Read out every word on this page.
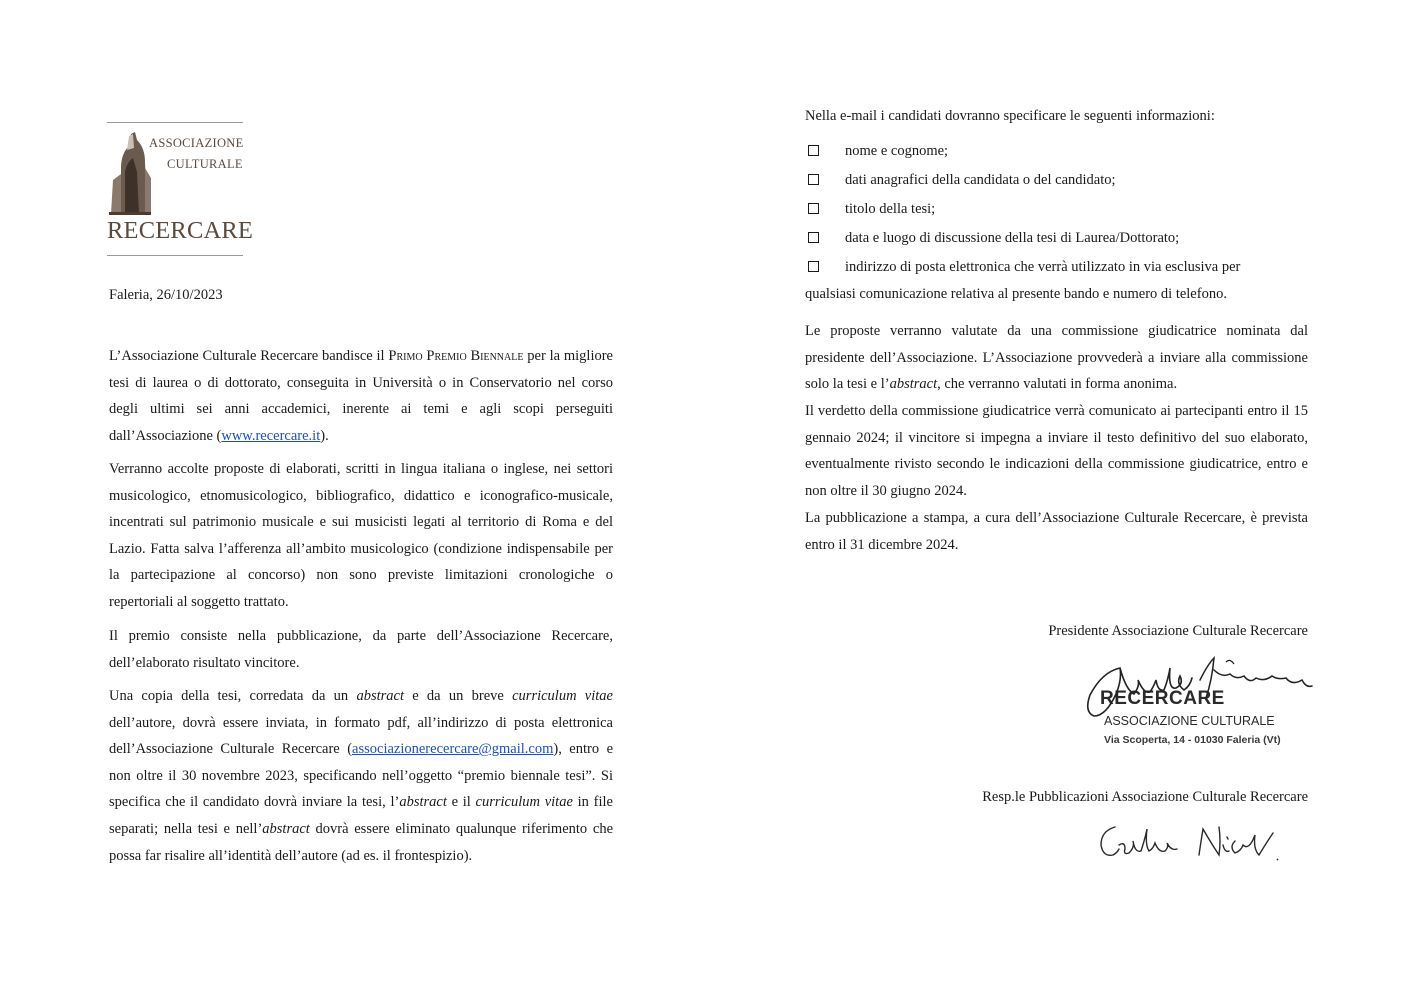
ASSOCIAZIONE
CULTURALE
RECERCARE
Faleria, 26/10/2023
L’Associazione Culturale Recercare bandisce il Primo Premio Biennale per la migliore tesi di laurea o di dottorato, conseguita in Università o in Conservatorio nel corso degli ultimi sei anni accademici, inerente ai temi e agli scopi perseguiti dall’Associazione (www.recercare.it).
Verranno accolte proposte di elaborati, scritti in lingua italiana o inglese, nei settori musicologico, etnomusicologico, bibliografico, didattico e iconografico-musicale, incentrati sul patrimonio musicale e sui musicisti legati al territorio di Roma e del Lazio. Fatta salva l’afferenza all’ambito musicologico (condizione indispensabile per la partecipazione al concorso) non sono previste limitazioni cronologiche o repertoriali al soggetto trattato.
Il premio consiste nella pubblicazione, da parte dell’Associazione Recercare, dell’elaborato risultato vincitore.
Una copia della tesi, corredata da un abstract e da un breve curriculum vitae dell’autore, dovrà essere inviata, in formato pdf, all’indirizzo di posta elettronica dell’Associazione Culturale Recercare (associazionerecercare@gmail.com), entro e non oltre il 30 novembre 2023, specificando nell’oggetto “premio biennale tesi”. Si specifica che il candidato dovrà inviare la tesi, l’abstract e il curriculum vitae in file separati; nella tesi e nell’abstract dovrà essere eliminato qualunque riferimento che possa far risalire all’identità dell’autore (ad es. il frontespizio).
Nella e-mail i candidati dovranno specificare le seguenti informazioni:
nome e cognome;
dati anagrafici della candidata o del candidato;
titolo della tesi;
data e luogo di discussione della tesi di Laurea/Dottorato;
indirizzo di posta elettronica che verrà utilizzato in via esclusiva per
qualsiasi comunicazione relativa al presente bando e numero di telefono.
Le proposte verranno valutate da una commissione giudicatrice nominata dal presidente dell’Associazione. L’Associazione provvederà a inviare alla commissione solo la tesi e l’abstract, che verranno valutati in forma anonima.
Il verdetto della commissione giudicatrice verrà comunicato ai partecipanti entro il 15 gennaio 2024; il vincitore si impegna a inviare il testo definitivo del suo elaborato, eventualmente rivisto secondo le indicazioni della commissione giudicatrice, entro e non oltre il 30 giugno 2024.
La pubblicazione a stampa, a cura dell’Associazione Culturale Recercare, è prevista entro il 31 dicembre 2024.
Presidente Associazione Culturale Recercare
RECERCARE
ASSOCIAZIONE CULTURALE
Via Scoperta, 14 - 01030 Faleria (Vt)
Resp.le Pubblicazioni Associazione Culturale Recercare
